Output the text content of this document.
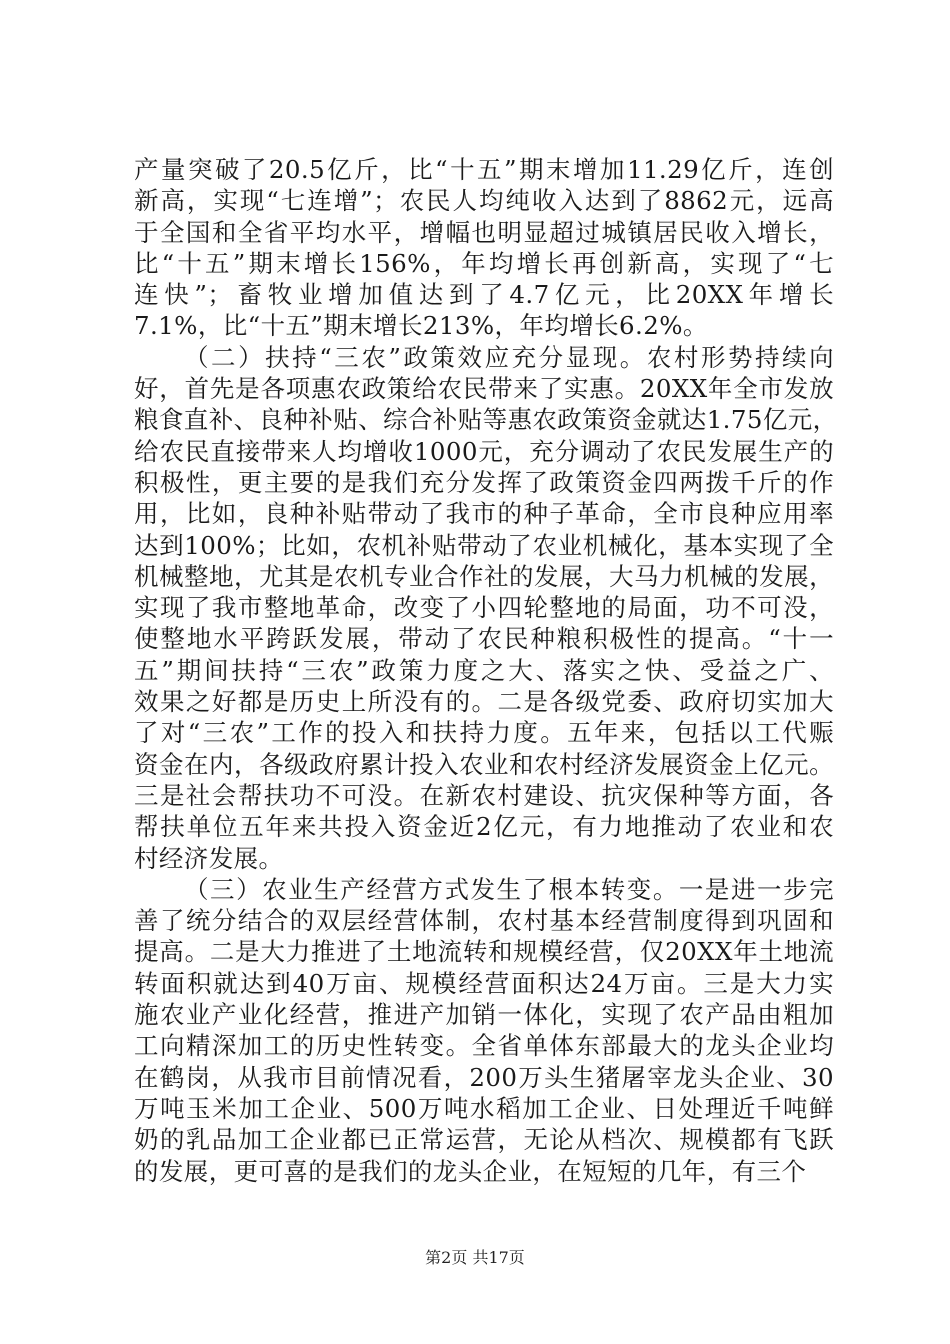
产量突破了20.5亿斤，比“十五”期末增加11.29亿斤，连创
新高，实现“七连增”；农民人均纯收入达到了8862元，远高
于全国和全省平均水平，增幅也明显超过城镇居民收入增长，
比“十五”期末增长156%，年均增长再创新高，实现了“七
连快”；畜牧业增加值达到了4.7亿元，比20XX年增长
7.1%，比“十五”期末增长213%，年均增长6.2%。
（二）扶持“三农”政策效应充分显现。农村形势持续向
好，首先是各项惠农政策给农民带来了实惠。20XX年全市发放
粮食直补、良种补贴、综合补贴等惠农政策资金就达1.75亿元，
给农民直接带来人均增收1000元，充分调动了农民发展生产的
积极性，更主要的是我们充分发挥了政策资金四两拨千斤的作
用，比如，良种补贴带动了我市的种子革命，全市良种应用率
达到100%；比如，农机补贴带动了农业机械化，基本实现了全
机械整地，尤其是农机专业合作社的发展，大马力机械的发展，
实现了我市整地革命，改变了小四轮整地的局面，功不可没，
使整地水平跨跃发展，带动了农民种粮积极性的提高。“十一
五”期间扶持“三农”政策力度之大、落实之快、受益之广、
效果之好都是历史上所没有的。二是各级党委、政府切实加大
了对“三农”工作的投入和扶持力度。五年来，包括以工代赈
资金在内，各级政府累计投入农业和农村经济发展资金上亿元。
三是社会帮扶功不可没。在新农村建设、抗灾保种等方面，各
帮扶单位五年来共投入资金近2亿元，有力地推动了农业和农
村经济发展。
（三）农业生产经营方式发生了根本转变。一是进一步完
善了统分结合的双层经营体制，农村基本经营制度得到巩固和
提高。二是大力推进了土地流转和规模经营，仅20XX年土地流
转面积就达到40万亩、规模经营面积达24万亩。三是大力实
施农业产业化经营，推进产加销一体化，实现了农产品由粗加
工向精深加工的历史性转变。全省单体东部最大的龙头企业均
在鹤岗，从我市目前情况看，200万头生猪屠宰龙头企业、30
万吨玉米加工企业、500万吨水稻加工企业、日处理近千吨鲜
奶的乳品加工企业都已正常运营，无论从档次、规模都有飞跃
的发展，更可喜的是我们的龙头企业，在短短的几年，有三个
第2页 共17页
